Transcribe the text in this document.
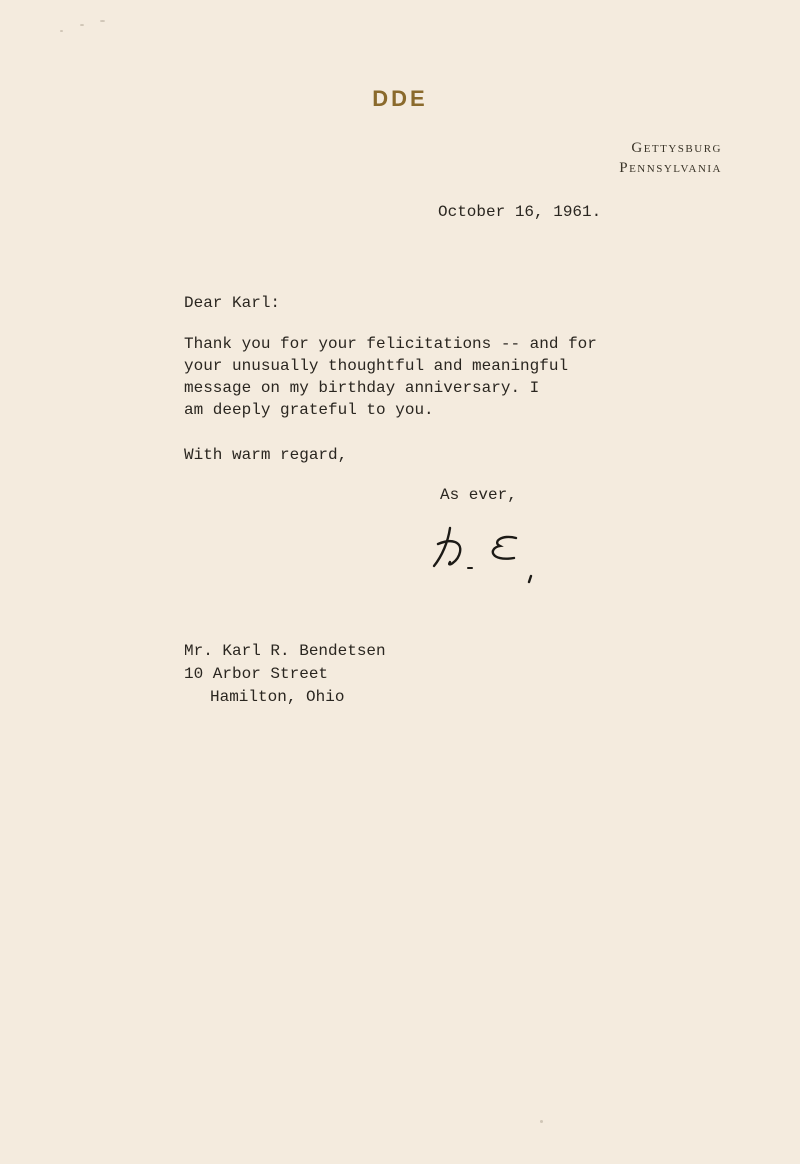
DDE
Gettysburg
Pennsylvania
October 16, 1961.
Dear Karl:
Thank you for your felicitations -- and for
your unusually thoughtful and meaningful
message on my birthday anniversary. I
am deeply grateful to you.
With warm regard,
As ever,
Mr. Karl R. Bendetsen
10 Arbor Street
Hamilton, Ohio
